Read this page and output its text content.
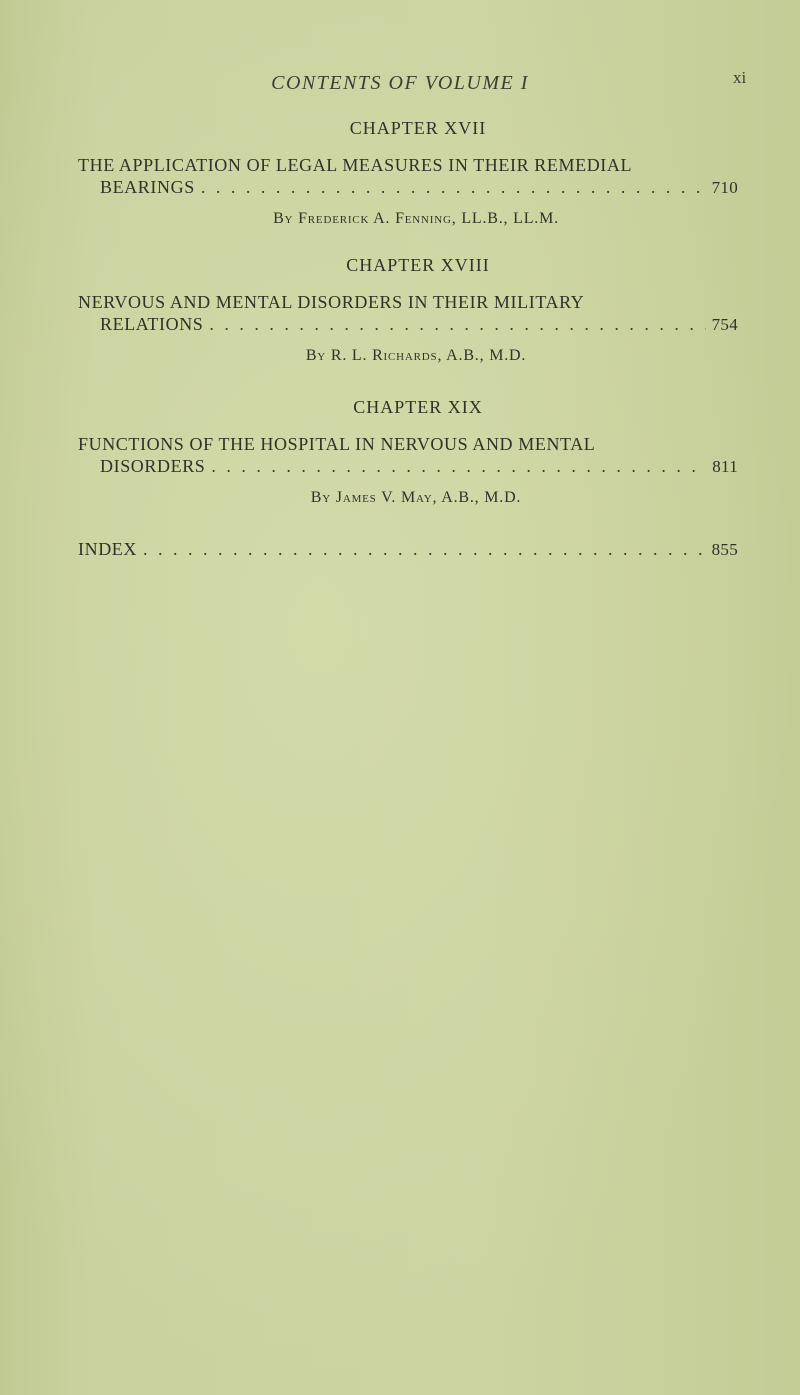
CONTENTS OF VOLUME I	xi
CHAPTER XVII
THE APPLICATION OF LEGAL MEASURES IN THEIR REMEDIAL
BEARINGS . . .	710
By Frederick A. Fenning, LL.B., LL.M.
CHAPTER XVIII
NERVOUS AND MENTAL DISORDERS IN THEIR MILITARY
RELATIONS . . .	754
By R. L. Richards, A.B., M.D.
CHAPTER XIX
FUNCTIONS OF THE HOSPITAL IN NERVOUS AND MENTAL
DISORDERS . . .	811
By James V. May, A.B., M.D.
INDEX . . .	855
